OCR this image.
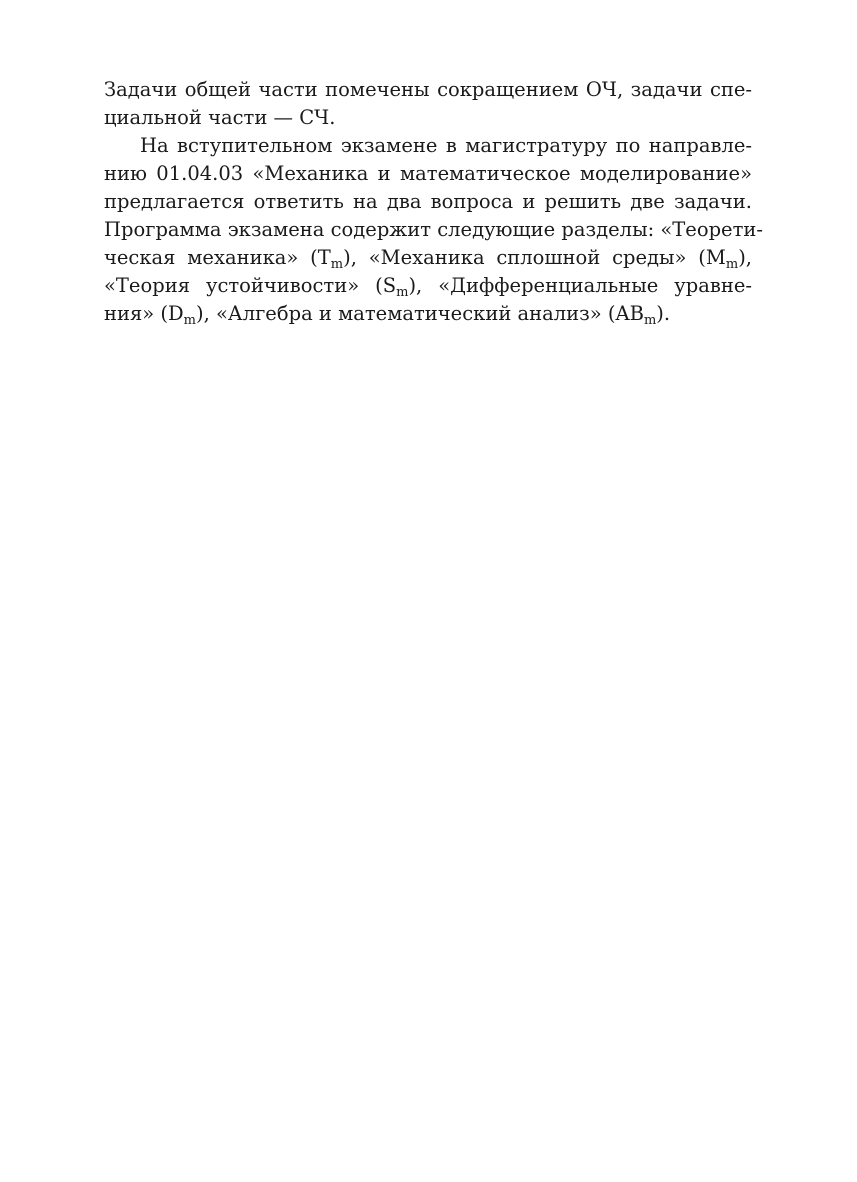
Задачи общей части помечены сокращением ОЧ, задачи спе-
циальной части — СЧ.
На вступительном экзамене в магистратуру по направле-
нию 01.04.03 «Механика и математическое моделирование»
предлагается ответить на два вопроса и решить две задачи.
Программа экзамена содержит следующие разделы: «Теорети-
ческая механика» $(T_m)$, «Механика сплошной среды» $(M_m)$,
«Теория устойчивости» $(S_m)$, «Дифференциальные уравне-
ния» $(D_m)$, «Алгебра и математический анализ» $(AB_m)$.
